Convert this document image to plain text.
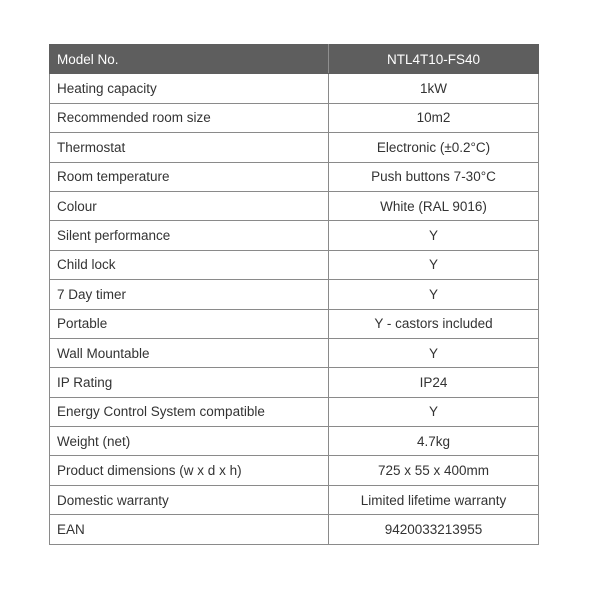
Model No.	NTL4T10-FS40
Heating capacity	1kW
Recommended room size	10m2
Thermostat	Electronic (±0.2°C)
Room temperature	Push buttons 7-30°C
Colour	White (RAL 9016)
Silent performance	Y
Child lock	Y
7 Day timer	Y
Portable	Y - castors included
Wall Mountable	Y
IP Rating	IP24
Energy Control System compatible	Y
Weight (net)	4.7kg
Product dimensions (w x d x h)	725 x 55 x 400mm
Domestic warranty	Limited lifetime warranty
EAN	9420033213955
